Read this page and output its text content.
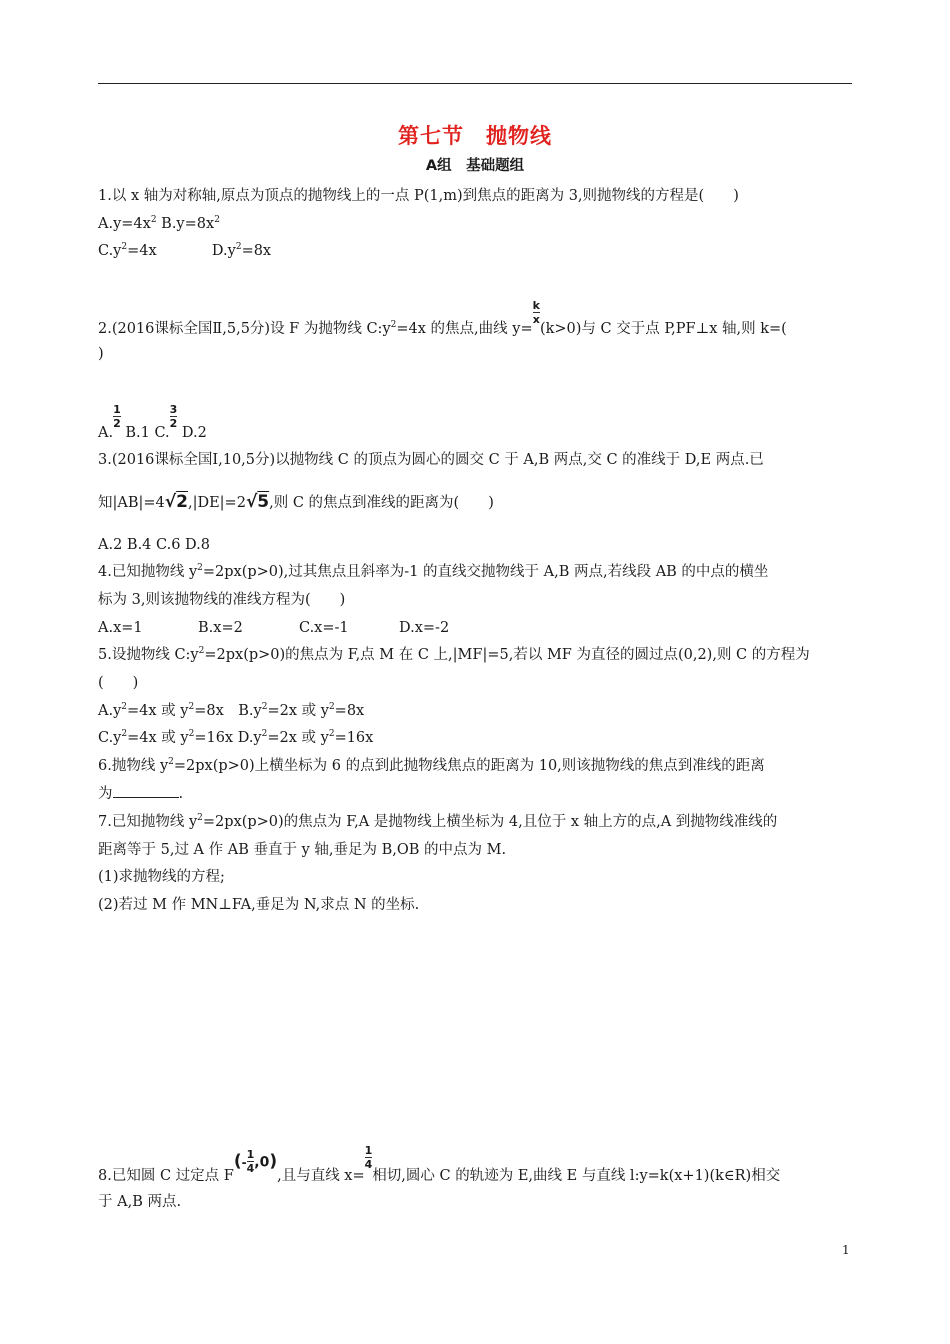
第七节　抛物线
A组　基础题组
1.以 x 轴为对称轴,原点为顶点的抛物线上的一点 P(1,m)到焦点的距离为 3,则抛物线的方程是(　　)
$A.y=4x^2$ $B.y=8x^2$
$C.y^2=4x$	$D.y^2=8x$
2.(2016课标全国Ⅱ,5,5分)设 F 为抛物线 $C:y^2=4x$ 的焦点,曲线 y=
$\frac{k}{x}$
(k>0)与 C 交于点 P,PF⊥x 轴,则 k=(
)
A.
$\frac{1}{2}$
B.1 C.
$\frac{3}{2}$
D.2
3.(2016课标全国Ⅰ,10,5分)以抛物线 C 的顶点为圆心的圆交 C 于 A,B 两点,交 C 的准线于 D,E 两点.已
知|AB|=4√2,|DE|=2√5,则 C 的焦点到准线的距离为(　　)
A.2 B.4 C.6 D.8
4.已知抛物线 $y^2=2px(p>0)$,过其焦点且斜率为-1 的直线交抛物线于 A,B 两点,若线段 AB 的中点的横坐
标为 3,则该抛物线的准线方程为(　　)
A.x=1	B.x=2	C.x=-1	D.x=-2
5.设抛物线 $C:y^2=2px(p>0)$的焦点为 F,点 M 在 C 上,|MF|=5,若以 MF 为直径的圆过点(0,2),则 C 的方程为
(　　)
$A.y^2=4x$ 或 $y^2=8x$　$B.y^2=2x$ 或 $y^2=8x$
$C.y^2=4x$ 或 $y^2=16x$ $D.y^2=2x$ 或 $y^2=16x$
6.抛物线 $y^2=2px(p>0)$上横坐标为 6 的点到此抛物线焦点的距离为 10,则该抛物线的焦点到准线的距离
为	.
7.已知抛物线 $y^2=2px(p>0)$的焦点为 F,A 是抛物线上横坐标为 4,且位于 x 轴上方的点,A 到抛物线准线的
距离等于 5,过 A 作 AB 垂直于 y 轴,垂足为 B,OB 的中点为 M.
(1)求抛物线的方程;
(2)若过 M 作 MN⊥FA,垂足为 N,求点 N 的坐标.
8.已知圆 C 过定点 $F(- \frac{1}{4} ,0)$,且与直线 x=
$\frac{1}{4}$
相切,圆心 C 的轨迹为 E,曲线 E 与直线 l:y=k(x+1)(k∈R)相交
于 A,B 两点.
1
